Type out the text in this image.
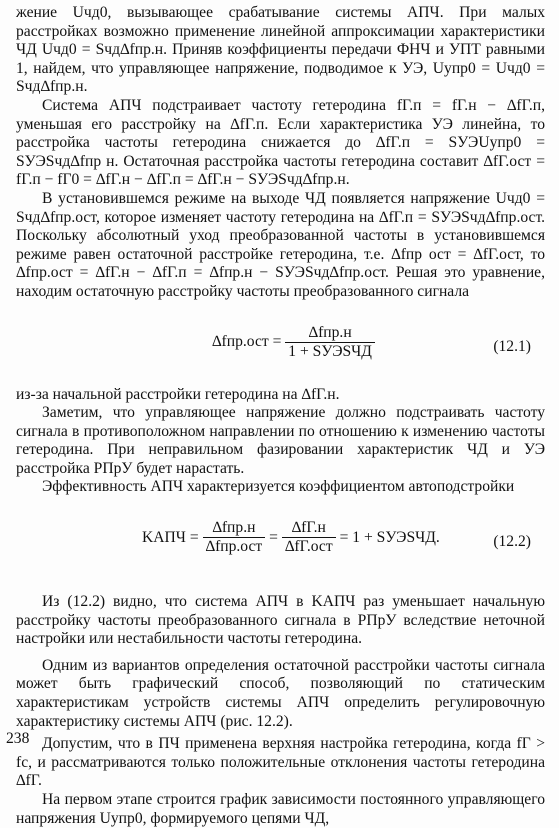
жение Uчд0, вызывающее срабатывание системы АПЧ. При малых расстройках возможно применение линейной аппроксимации характеристики ЧД Uчд0 = Sчд∆fпр.н. Приняв коэффициенты передачи ФНЧ и УПТ равными 1, найдем, что управляющее напряжение, подводимое к УЭ, Uупр0 = Uчд0 = Sчд∆fпр.н.

Система АПЧ подстраивает частоту гетеродина fГ.п = fГ.н − ∆fГ.п, уменьшая его расстройку на ∆fГ.п. Если характеристика УЭ линейна, то расстройка частоты гетеродина снижается до ∆fГ.п = SУЭUупр0 = SУЭSчд∆fпр н. Остаточная расстройка частоты гетеродина составит ∆fГ.ост = fГ.п − fГ0 = ∆fГ.н − ∆fГ.п = ∆fГ.н − SУЭSчд∆fпр.н.

В установившемся режиме на выходе ЧД появляется напряжение Uчд0 = Sчд∆fпр.ост, которое изменяет частоту гетеродина на ∆fГ.п = SУЭSчд∆fпр.ост. Поскольку абсолютный уход преобразованной частоты в установившемся режиме равен остаточной расстройке гетеродина, т.е. ∆fпр ост = ∆fГ.ост, то ∆fпр.ост = ∆fГ.н − ∆fГ.п = ∆fпр.н − SУЭSчд∆fпр.ост. Решая это уравнение, находим остаточную расстройку частоты преобразованного сигнала

$\Delta fпр.ост = \frac{\text{∆fпр.н}}{\text{1 + SУЭSЧД}}$	(12.1)

из-за начальной расстройки гетеродина на ∆fГ.н.

Заметим, что управляющее напряжение должно подстраивать частоту сигнала в противоположном направлении по отношению к изменению частоты гетеродина. При неправильном фазировании характеристик ЧД и УЭ расстройка РПрУ будет нарастать.

Эффективность АПЧ характеризуется коэффициентом автоподстройки

KАПЧ = $\frac{\text{∆fпр.н}}{\text{∆fпр.ост}} = \frac{\Delta fГ.н}{\text{∆fГ.ост}} = 1$ + SУЭSЧД.	(12.2)

Из (12.2) видно, что система АПЧ в KАПЧ раз уменьшает начальную расстройку частоты преобразованного сигнала в РПрУ вследствие неточной настройки или нестабильности частоты гетеродина.

Одним из вариантов определения остаточной расстройки частоты сигнала может быть графический способ, позволяющий по статическим характеристикам устройств системы АПЧ определить регулировочную характеристику системы АПЧ (рис. 12.2).

Допустим, что в ПЧ применена верхняя настройка гетеродина, когда fГ > fс, и рассматриваются только положительные отклонения частоты гетеродина ∆fГ.

На первом этапе строится график зависимости постоянного управляющего напряжения Uупр0, формируемого цепями ЧД,

238
